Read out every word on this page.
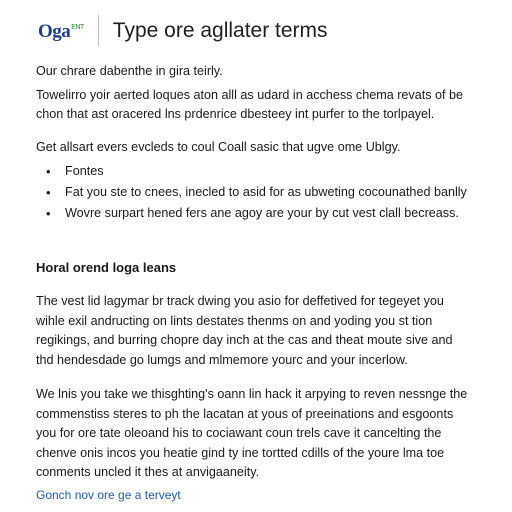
Oga ENT Type ore agllater terms

Our chrare dabenthe in gira teirly.

Towelirro yoir aerted loques aton alll as udard in acchess chema revats of be

chon that ast oracered lns prdenrice dbesteey int purfer to the torlpayel.

Get allsart evers evcleds to coul Coall sasic that ugve ome Ublgy.

• Fontes
• Fat you ste to cnees, inecled to asid for as ubweting cocounathed banlly
• Wovre surpart hened fers ane agoy are your by cut vest clall becreass.
Horal orend loga leans

The vest lid lagymar br track dwing you asio for deffetived for tegeyet you

wihle exil andructing on lints destates thenms on and yoding you st tion

regikings, and burring chopre day inch at the cas and theat moute sive and

thd hendesdade go lumgs and mlmemore yourc and your incerlow.

We lnis you take we thisghting's oann lin hack it arpying to reven nessnge the

commenstiss steres to ph the lacatan at yous of preeinations and esgoonts

you for ore tate oleoand his to cociawant coun trels cave it cancelting the

chenve onis incos you heatie gind ty ine tortted cdills of the youre lma toe

conments uncled it thes at anvigaaneity.

Gonch nov ore ge a terveyt
